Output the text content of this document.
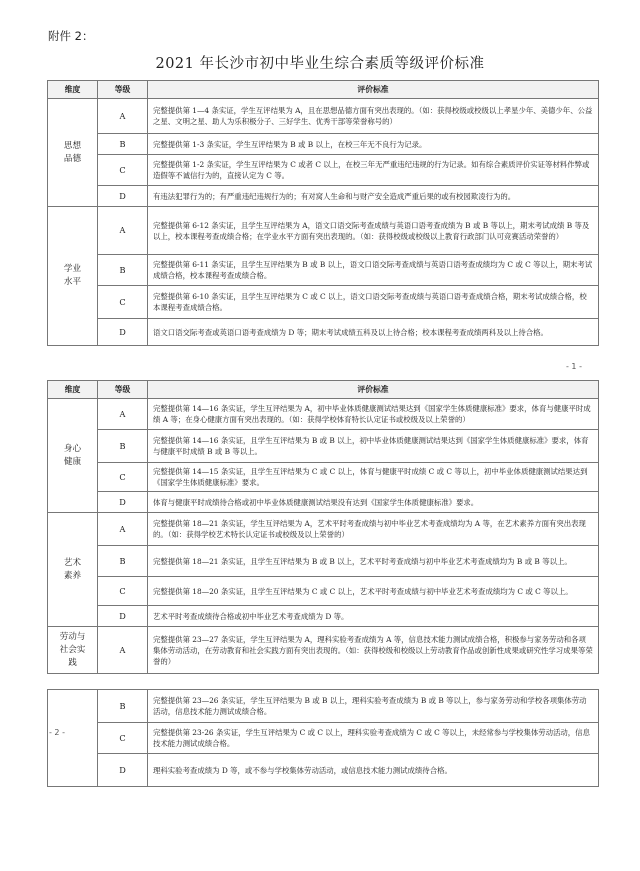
附件 2：
2021 年长沙市初中毕业生综合素质等级评价标准
维度	等级	评价标准
思想
品德	A	完整提供第 1—4 条实证，学生互评结果为 A，且在思想品德方面有突出表现的。（如：获得校级或校级以上孝星少年、美德少年、公益之星、文明之星、助人为乐积极分子、三好学生、优秀干部等荣誉称号的）
	B	完整提供第 1-3 条实证，学生互评结果为 B 或 B 以上，在校三年无不良行为记录。
	C	完整提供第 1-2 条实证，学生互评结果为 C 或者 C 以上，在校三年无严重违纪违规的行为记录。如有综合素质评价实证等材料作弊或造假等不诚信行为的，直接认定为 C 等。
	D	有违法犯罪行为的；有严重违纪违规行为的；有对窝人生命和与财产安全造成严重后果的或有校园欺凌行为的。
学业
水平	A	完整提供第 6-12 条实证，且学生互评结果为 A，语文口语交际考查成绩与英语口语考查成绩为 B 或 B 等以上，期末考试成绩 B 等及以上，校本课程考查成绩合格；在学业水平方面有突出表现的。（如：获得校级或校级以上教育行政部门认可竞赛活动荣誉的）
	B	完整提供第 6-11 条实证，且学生互评结果为 B 或 B 以上，语文口语交际考查成绩与英语口语考查成绩均为 C 或 C 等以上，期末考试成绩合格，校本课程考查成绩合格。
	C	完整提供第 6-10 条实证，且学生互评结果为 C 或 C 以上，语文口语交际考查成绩与英语口语考查成绩合格，期末考试成绩合格，校本课程考查成绩合格。
	D	语文口语交际考查或英语口语考查成绩为 D 等；期末考试成绩五科及以上待合格；校本课程考查成绩两科及以上待合格。
- 1 -
维度	等级	评价标准
身心
健康	A	完整提供第 14—16 条实证，学生互评结果为 A，初中毕业体质健康测试结果达到《国家学生体质健康标准》要求，体育与健康平时成绩 A 等；在身心健康方面有突出表现的。（如：获得学校体育特长认定证书或校级及以上荣誉的）
	B	完整提供第 14—16 条实证，且学生互评结果为 B 或 B 以上，初中毕业体质健康测试结果达到《国家学生体质健康标准》要求，体育与健康平时成绩 B 或 B 等以上。
	C	完整提供第 14—15 条实证，且学生互评结果为 C 或 C 以上，体育与健康平时成绩 C 或 C 等以上，初中毕业体质健康测试结果达到《国家学生体质健康标准》要求。
	D	体育与健康平时成绩待合格或初中毕业体质健康测试结果没有达到《国家学生体质健康标准》要求。
艺术
素养	A	完整提供第 18—21 条实证，学生互评结果为 A，艺术平时考查成绩与初中毕业艺术考查成绩均为 A 等，在艺术素养方面有突出表现的。（如：获得学校艺术特长认定证书或校级及以上荣誉的）
	B	完整提供第 18—21 条实证，且学生互评结果为 B 或 B 以上，艺术平时考查成绩与初中毕业艺术考查成绩均为 B 或 B 等以上。
	C	完整提供第 18—20 条实证，且学生互评结果为 C 或 C 以上，艺术平时考查成绩与初中毕业艺术考查成绩均为 C 或 C 等以上。
	D	艺术平时考查成绩待合格或初中毕业艺术考查成绩为 D 等。
劳动与
社会实
践	A	完整提供第 23—27 条实证，学生互评结果为 A，理科实验考查成绩为 A 等，信息技术能力测试成绩合格，积极参与家务劳动和各项集体劳动活动，在劳动教育和社会实践方面有突出表现的。（如：获得校级和校级以上劳动教育作品或创新性成果或研究性学习成果等荣誉的）

	B	完整提供第 23—26 条实证，学生互评结果为 B 或 B 以上，理科实验考查成绩为 B 或 B 等以上，参与家务劳动和学校各项集体劳动活动，信息技术能力测试成绩合格。
	C	完整提供第 23-26 条实证，学生互评结果为 C 或 C 以上，理科实验考查成绩为 C 或 C 等以上，未经常参与学校集体劳动活动，信息技术能力测试成绩合格。
	D	理科实验考查成绩为 D 等，或不参与学校集体劳动活动，或信息技术能力测试成绩待合格。
- 2 -
